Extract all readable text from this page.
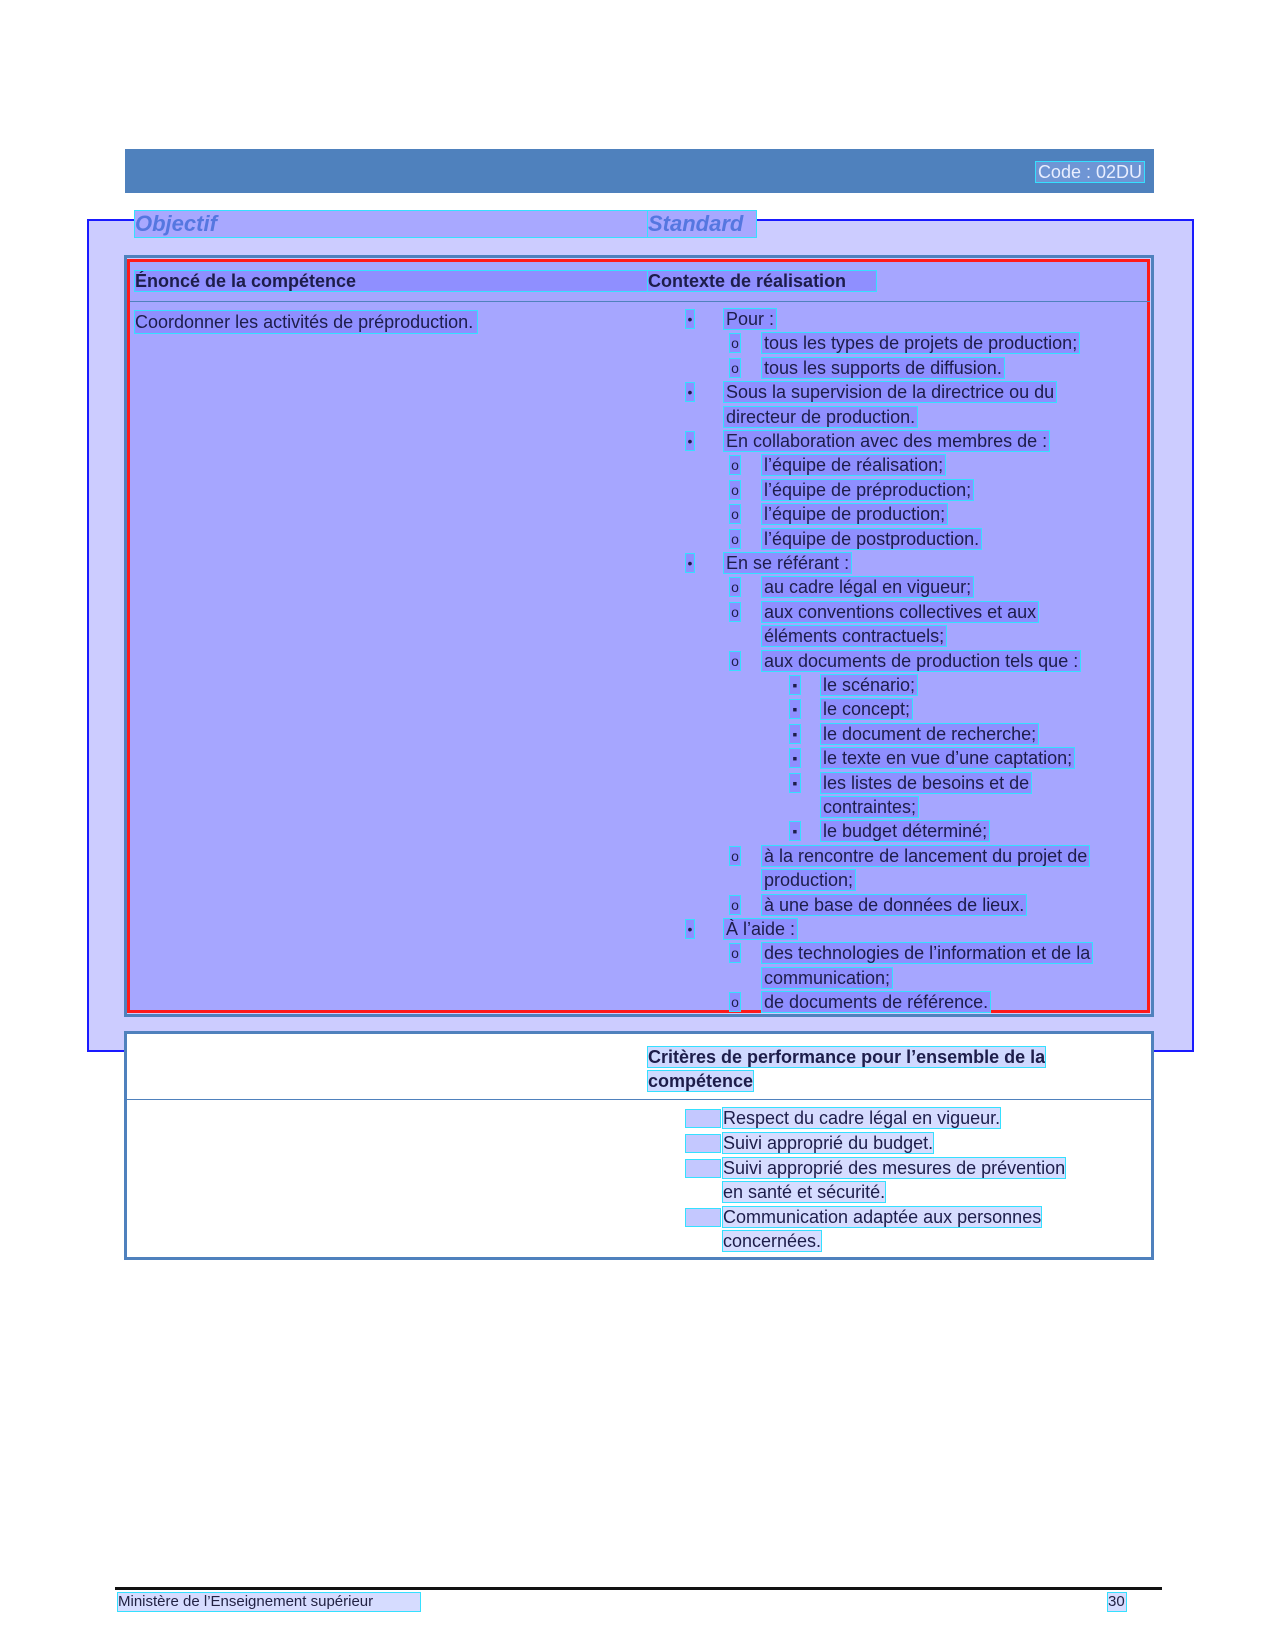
Code : 02DU
Objectif	Standard
Énoncé de la compétence	Contexte de réalisation
Coordonner les activités de préproduction.	• Pour :
o tous les types de projets de production;
o tous les supports de diffusion.
• Sous la supervision de la directrice ou du
directeur de production.
• En collaboration avec des membres de :
o l’équipe de réalisation;
o l’équipe de préproduction;
o l’équipe de production;
o l’équipe de postproduction.
• En se référant :
o au cadre légal en vigueur;
o aux conventions collectives et aux
éléments contractuels;
o aux documents de production tels que :
▪ le scénario;
▪ le concept;
▪ le document de recherche;
▪ le texte en vue d’une captation;
▪ les listes de besoins et de
contraintes;
▪ le budget déterminé;
o à la rencontre de lancement du projet de
production;
o à une base de données de lieux.
• À l’aide :
o des technologies de l’information et de la
communication;
o de documents de référence.
Critères de performance pour l’ensemble de la
compétence
Respect du cadre légal en vigueur.
Suivi approprié du budget.
Suivi approprié des mesures de prévention
en santé et sécurité.
Communication adaptée aux personnes
concernées.
Ministère de l’Enseignement supérieur	30
